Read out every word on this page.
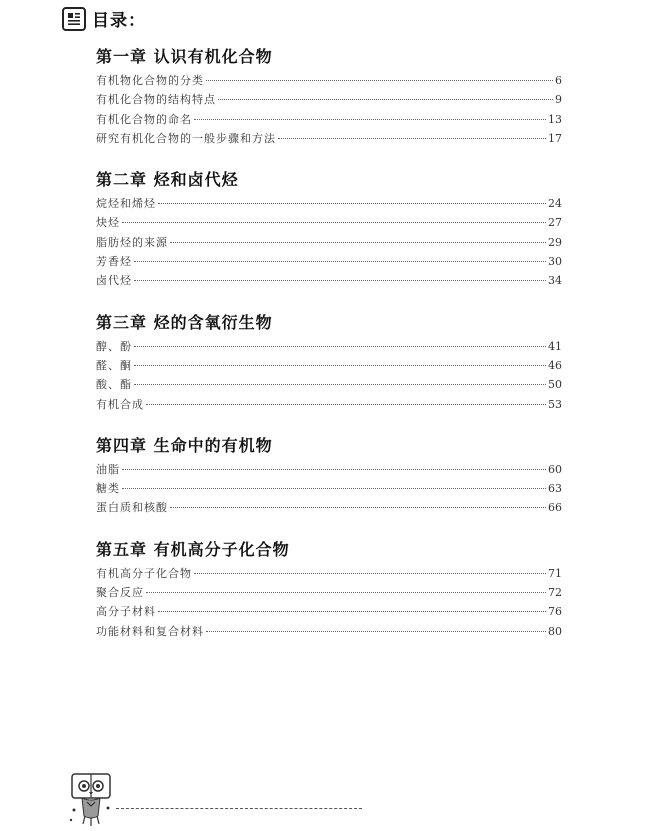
目录：
第一章 认识有机化合物
有机物化合物的分类	6
有机化合物的结构特点	9
有机化合物的命名	13
研究有机化合物的一般步骤和方法	17
第二章 烃和卤代烃
烷烃和烯烃	24
炔烃	27
脂肪烃的来源	29
芳香烃	30
卤代烃	34
第三章 烃的含氧衍生物
醇、酚	41
醛、酮	46
酸、酯	50
有机合成	53
第四章 生命中的有机物
油脂	60
糖类	63
蛋白质和核酸	66
第五章 有机高分子化合物
有机高分子化合物	71
聚合反应	72
高分子材料	76
功能材料和复合材料	80
